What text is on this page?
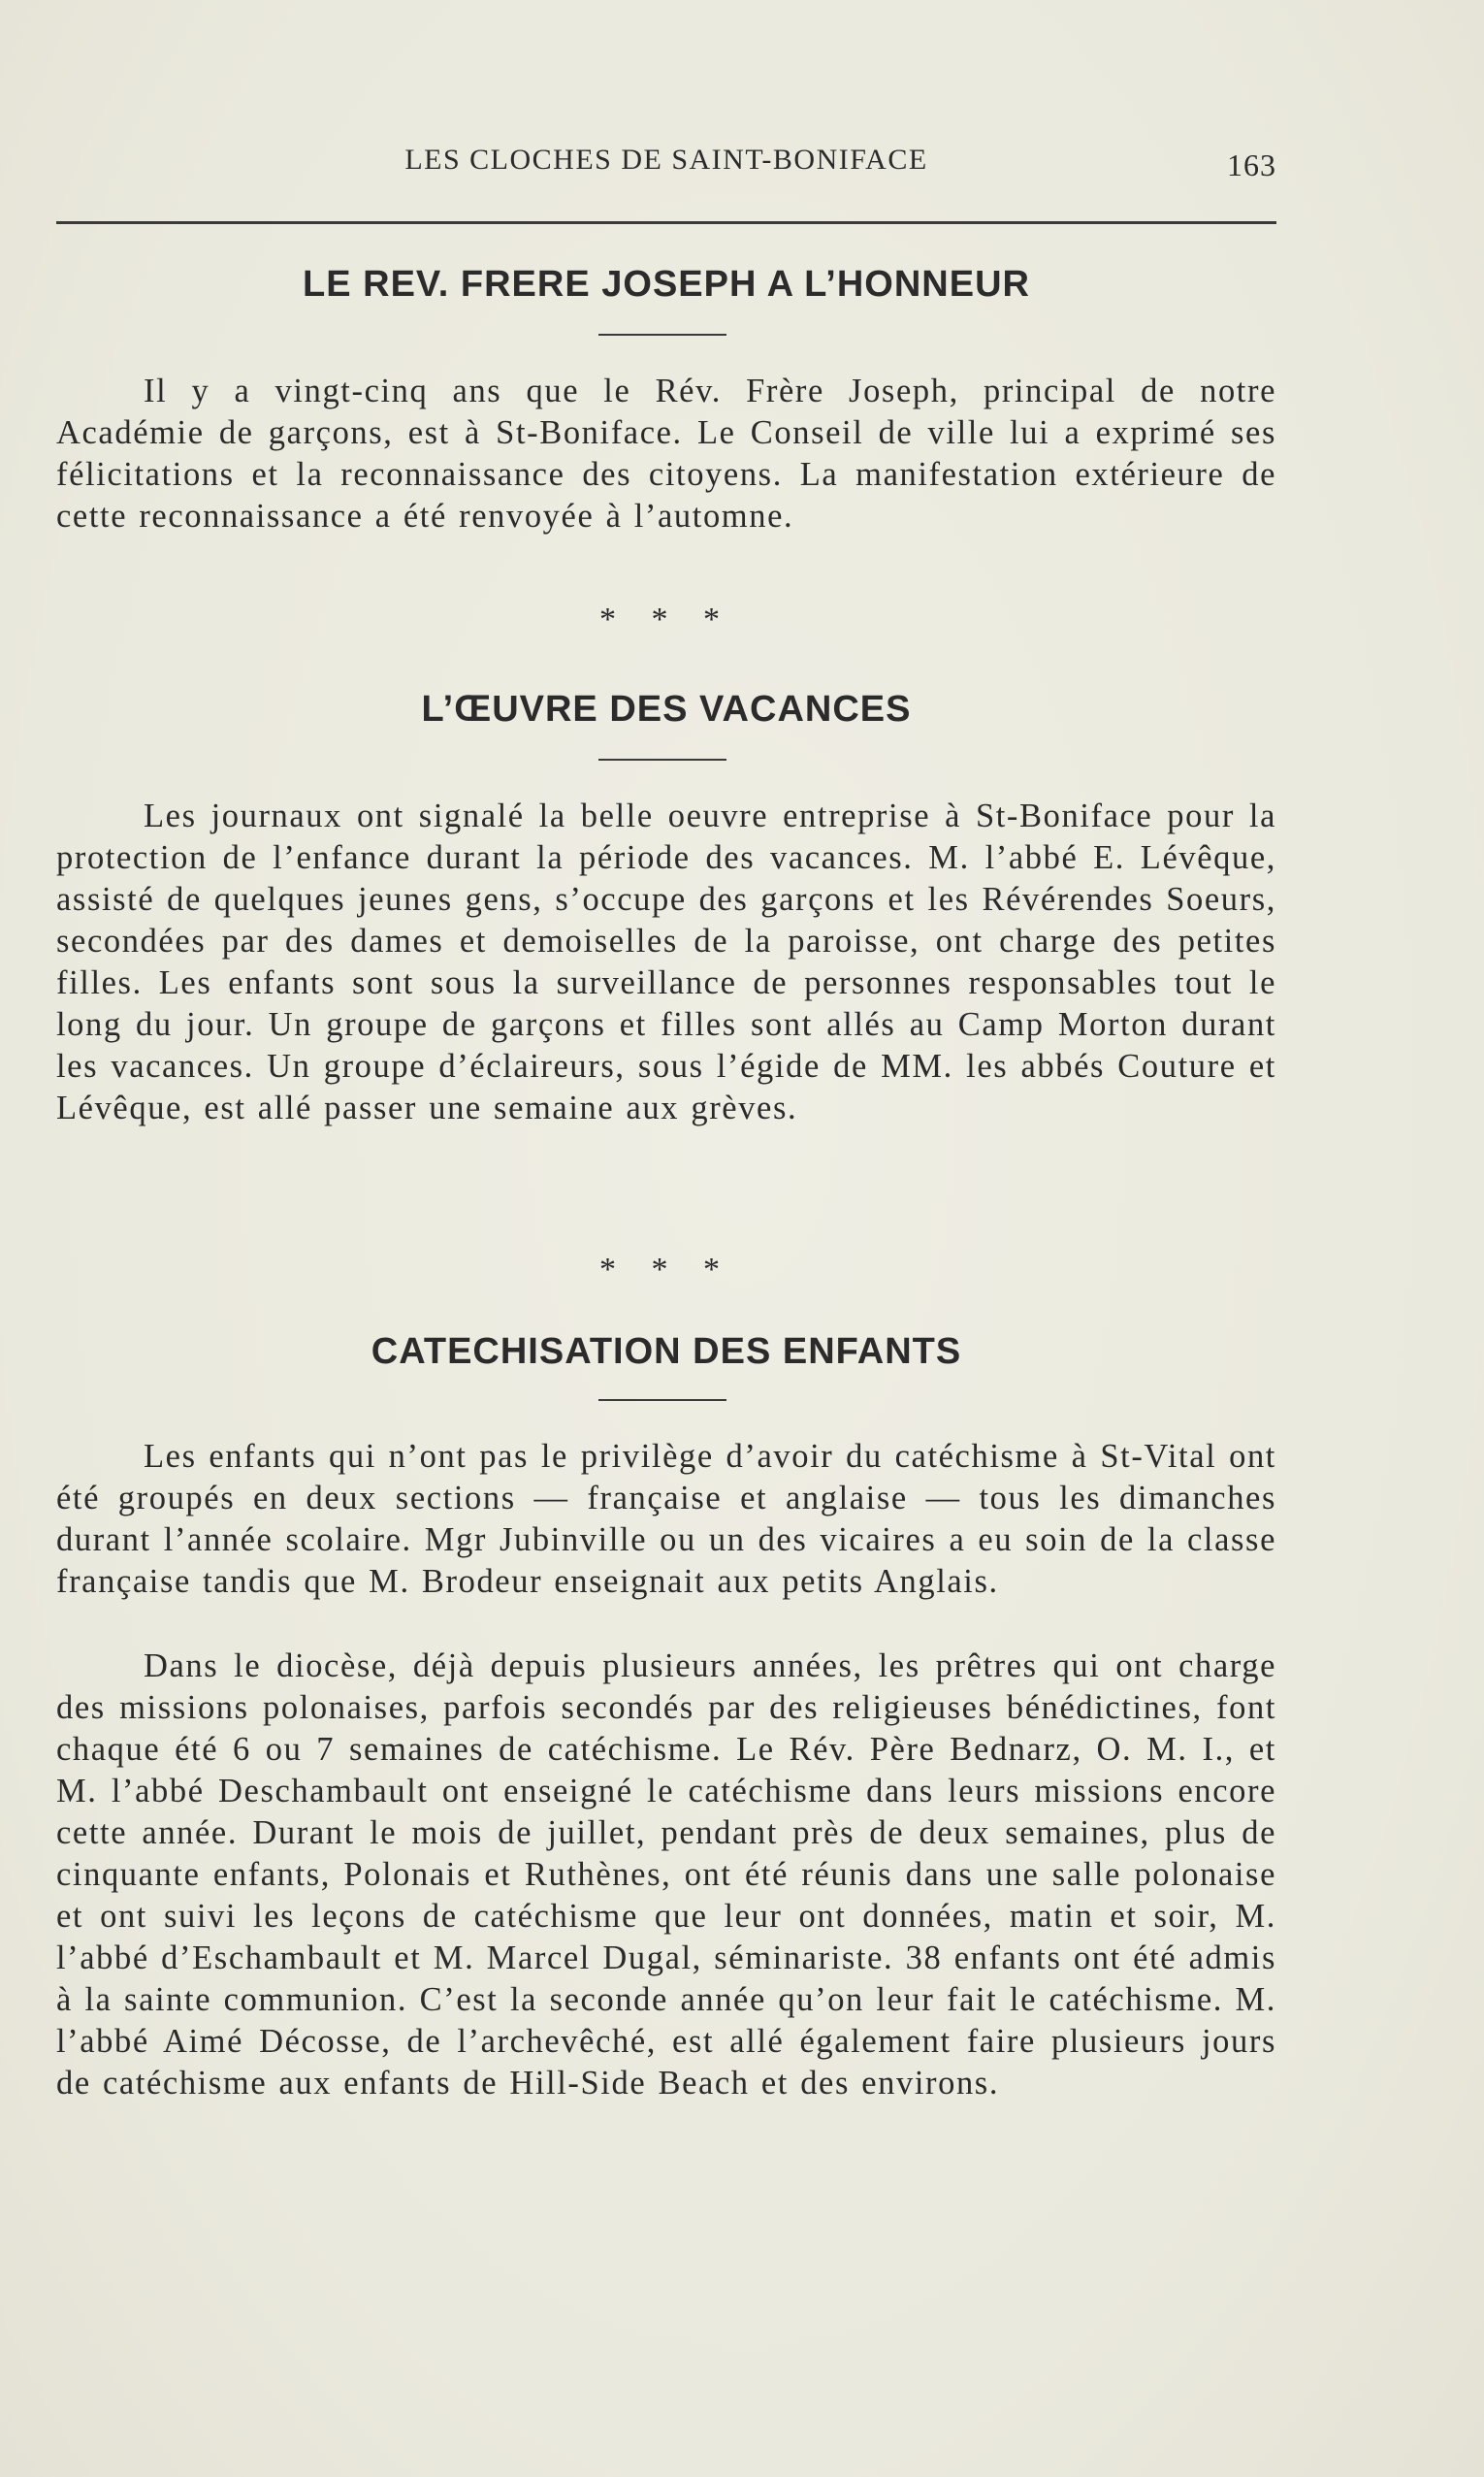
LES CLOCHES DE SAINT-BONIFACE	163
LE REV. FRERE JOSEPH A L’HONNEUR

Il y a vingt-cinq ans que le Rév. Frère Joseph, principal de notre Académie de garçons, est à St-Boniface. Le Conseil de ville lui a exprimé ses félicitations et la reconnaissance des citoyens. La manifestation extérieure de cette reconnaissance a été renvoyée à l’automne.

* * *
L’ŒUVRE DES VACANCES

Les journaux ont signalé la belle oeuvre entreprise à St-Boniface pour la protection de l’enfance durant la période des vacances. M. l’abbé E. Lévêque, assisté de quelques jeunes gens, s’occupe des garçons et les Révérendes Soeurs, secondées par des dames et demoiselles de la paroisse, ont charge des petites filles. Les enfants sont sous la surveillance de personnes responsables tout le long du jour. Un groupe de garçons et filles sont allés au Camp Morton durant les vacances. Un groupe d’éclaireurs, sous l’égide de MM. les abbés Couture et Lévêque, est allé passer une semaine aux grèves.

* * *
CATECHISATION DES ENFANTS

Les enfants qui n’ont pas le privilège d’avoir du catéchisme à St-Vital ont été groupés en deux sections — française et anglaise — tous les dimanches durant l’année scolaire. Mgr Jubinville ou un des vicaires a eu soin de la classe française tandis que M. Brodeur enseignait aux petits Anglais.

Dans le diocèse, déjà depuis plusieurs années, les prêtres qui ont charge des missions polonaises, parfois secondés par des religieuses bénédictines, font chaque été 6 ou 7 semaines de catéchisme. Le Rév. Père Bednarz, O. M. I., et M. l’abbé Deschambault ont enseigné le catéchisme dans leurs missions encore cette année. Durant le mois de juillet, pendant près de deux semaines, plus de cinquante enfants, Polonais et Ruthènes, ont été réunis dans une salle polonaise et ont suivi les leçons de catéchisme que leur ont données, matin et soir, M. l’abbé d’Eschambault et M. Marcel Dugal, séminariste. 38 enfants ont été admis à la sainte communion. C’est la seconde année qu’on leur fait le catéchisme. M. l’abbé Aimé Décosse, de l’archevêché, est allé également faire plusieurs jours de catéchisme aux enfants de Hill-Side Beach et des environs.
